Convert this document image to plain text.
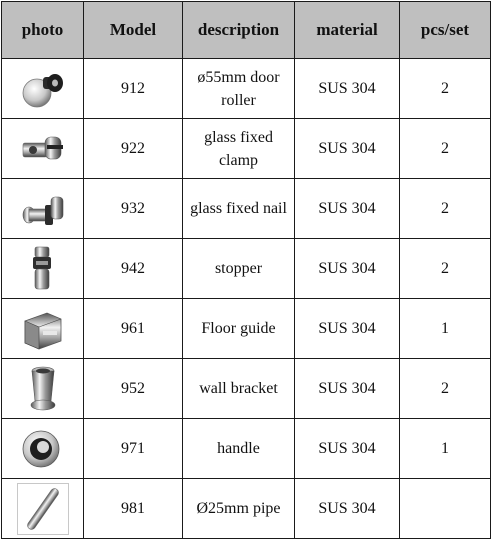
photo	Model	description	material	pcs/set

	912	ø55mm door roller	SUS 304	2

	922	glass fixed clamp	SUS 304	2

	932	glass fixed nail	SUS 304	2

	942	stopper	SUS 304	2

	961	Floor guide	SUS 304	1

	952	wall bracket	SUS 304	2

	971	handle	SUS 304	1

	981	Ø25mm pipe	SUS 304	
